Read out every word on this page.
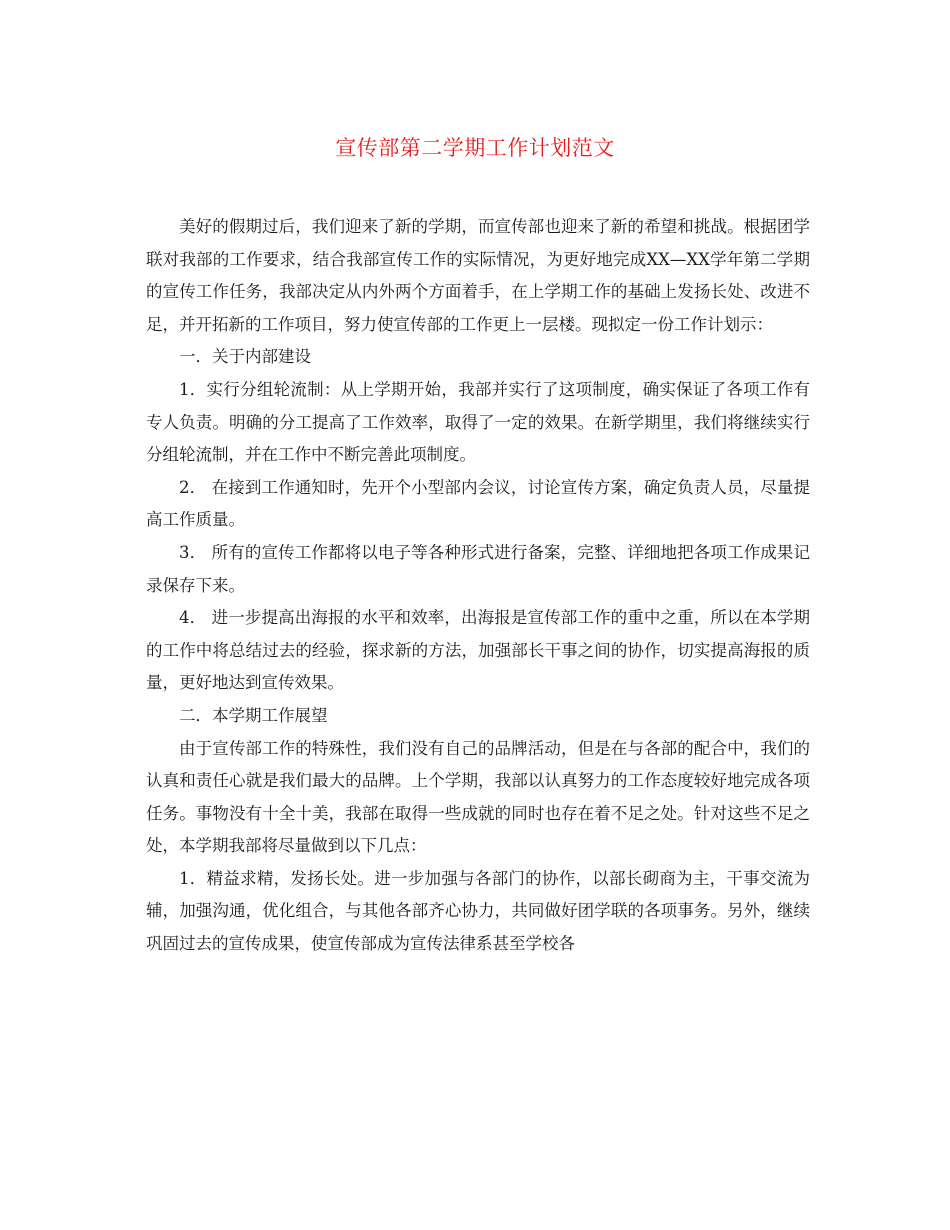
宣传部第二学期工作计划范文

美好的假期过后，我们迎来了新的学期，而宣传部也迎来了新的希望和挑战。根据团学联对我部的工作要求，结合我部宣传工作的实际情况，为更好地完成XX—XX学年第二学期的宣传工作任务，我部决定从内外两个方面着手，在上学期工作的基础上发扬长处、改进不足，并开拓新的工作项目，努力使宣传部的工作更上一层楼。现拟定一份工作计划示：

一．关于内部建设

1．实行分组轮流制：从上学期开始，我部并实行了这项制度，确实保证了各项工作有专人负责。明确的分工提高了工作效率，取得了一定的效果。在新学期里，我们将继续实行分组轮流制，并在工作中不断完善此项制度。

2． 在接到工作通知时，先开个小型部内会议，讨论宣传方案，确定负责人员，尽量提高工作质量。

3． 所有的宣传工作都将以电子等各种形式进行备案，完整、详细地把各项工作成果记录保存下来。

4． 进一步提高出海报的水平和效率，出海报是宣传部工作的重中之重，所以在本学期的工作中将总结过去的经验，探求新的方法，加强部长干事之间的协作，切实提高海报的质量，更好地达到宣传效果。

二．本学期工作展望

由于宣传部工作的特殊性，我们没有自己的品牌活动，但是在与各部的配合中，我们的认真和责任心就是我们最大的品牌。上个学期，我部以认真努力的工作态度较好地完成各项任务。事物没有十全十美，我部在取得一些成就的同时也存在着不足之处。针对这些不足之处，本学期我部将尽量做到以下几点：

1．精益求精，发扬长处。进一步加强与各部门的协作，以部长砌商为主，干事交流为辅，加强沟通，优化组合，与其他各部齐心协力，共同做好团学联的各项事务。另外，继续巩固过去的宣传成果，使宣传部成为宣传法律系甚至学校各
